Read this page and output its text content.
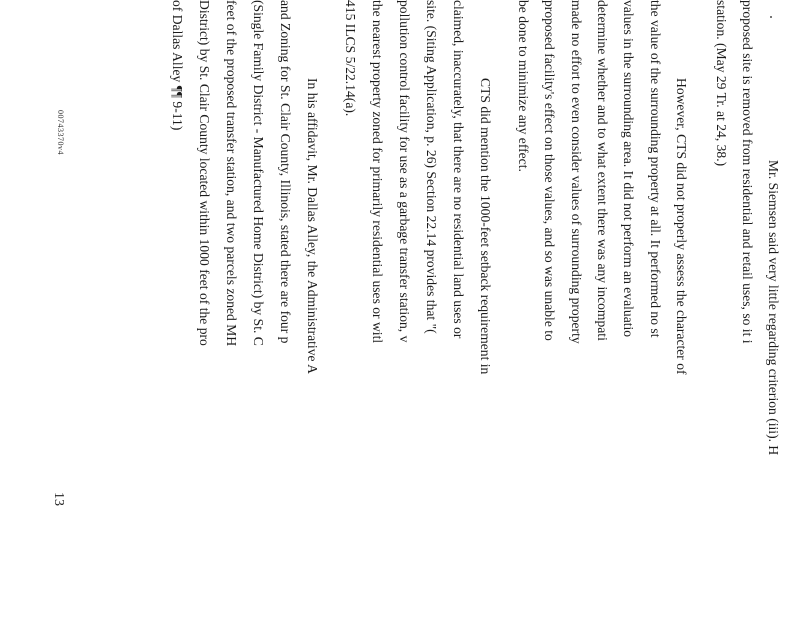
Mr. Siemsen said very little regarding criterion (iii). H
proposed site is removed from residential and retail uses, so it i
station. (May 29 Tr. at 24, 38.)
However, CTS did not properly assess the character of
the value of the surrounding property at all. It performed no st
values in the surrounding area. It did not perform an evaluatio
determine whether and to what extent there was any incompati
made no effort to even consider values of surrounding property
proposed facility's effect on those values, and so was unable to
be done to minimize any effect.
CTS did mention the 1000-feet setback requirement in
claimed, inaccurately, that there are no residential land uses or
site. (Siting Application, p. 26) Section 22.14 provides that "(
pollution control facility for use as a garbage transfer station, v
the nearest property zoned for primarily residential uses or witl
415 ILCS 5/22.14(a).
In his affidavit, Mr. Dallas Alley, the Administrative A
and Zoning for St. Clair County, Illinois, stated there are four p
(Single Family District - Manufactured Home District) by St. C
feet of the proposed transfer station, and two parcels zoned MH
District) by St. Clair County located within 1000 feet of the pro
of Dallas Alley ¶¶ 9-11)
00743370v4
13
